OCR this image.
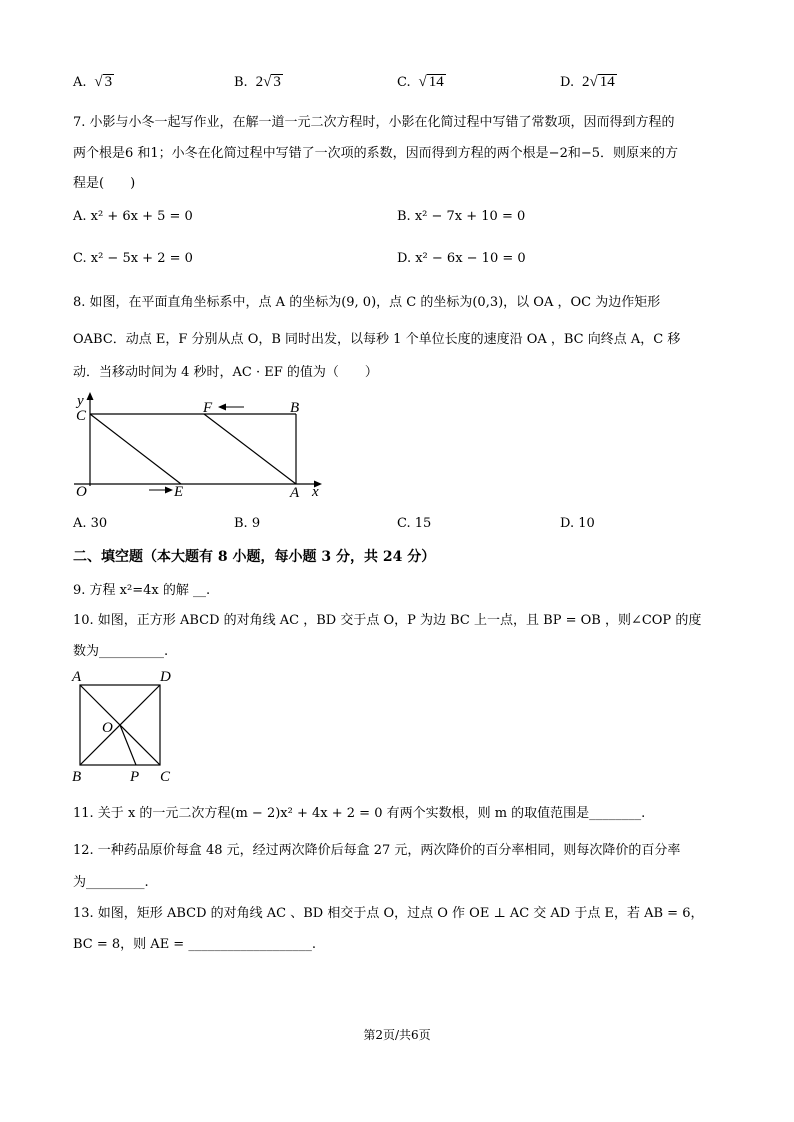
A. √ 3	B. 2√ 3	C. √ 14	D. 2√ 14
7. 小影与小冬一起写作业，在解一道一元二次方程时，小影在化简过程中写错了常数项，因而得到方程的
两个根是6 和1；小冬在化简过程中写错了一次项的系数，因而得到方程的两个根是−2和−5．则原来的方
程是(　　)
A. x² + 6x + 5 = 0	B. x² − 7x + 10 = 0
C. x² − 5x + 2 = 0	D. x² − 6x − 10 = 0
8. 如图，在平面直角坐标系中，点 A 的坐标为(9, 0)，点 C 的坐标为(0,3)，以 OA ，OC 为边作矩形
OABC．动点 E，F 分别从点 O，B 同时出发，以每秒 1 个单位长度的速度沿 OA ，BC 向终点 A，C 移
动．当移动时间为 4 秒时，AC · EF 的值为（　　）
y
C	F	B
O	E	A x
A. 30	B. 9	C. 15	D. 10
二、填空题（本大题有 8 小题，每小题 3 分，共 24 分）
9. 方程 x²=4x 的解 __.
10. 如图，正方形 ABCD 的对角线 AC ，BD 交于点 O，P 为边 BC 上一点，且 BP = OB ，则∠COP 的度
数为__________.
A	D
O
B	P C
11. 关于 x 的一元二次方程(m − 2)x² + 4x + 2 = 0 有两个实数根，则 m 的取值范围是________.
12. 一种药品原价每盒 48 元，经过两次降价后每盒 27 元，两次降价的百分率相同，则每次降价的百分率
为_________.
13. 如图，矩形 ABCD 的对角线 AC 、BD 相交于点 O，过点 O 作 OE ⊥ AC 交 AD 于点 E，若 AB = 6，
BC = 8，则 AE = ___________________.
第2页/共6页
